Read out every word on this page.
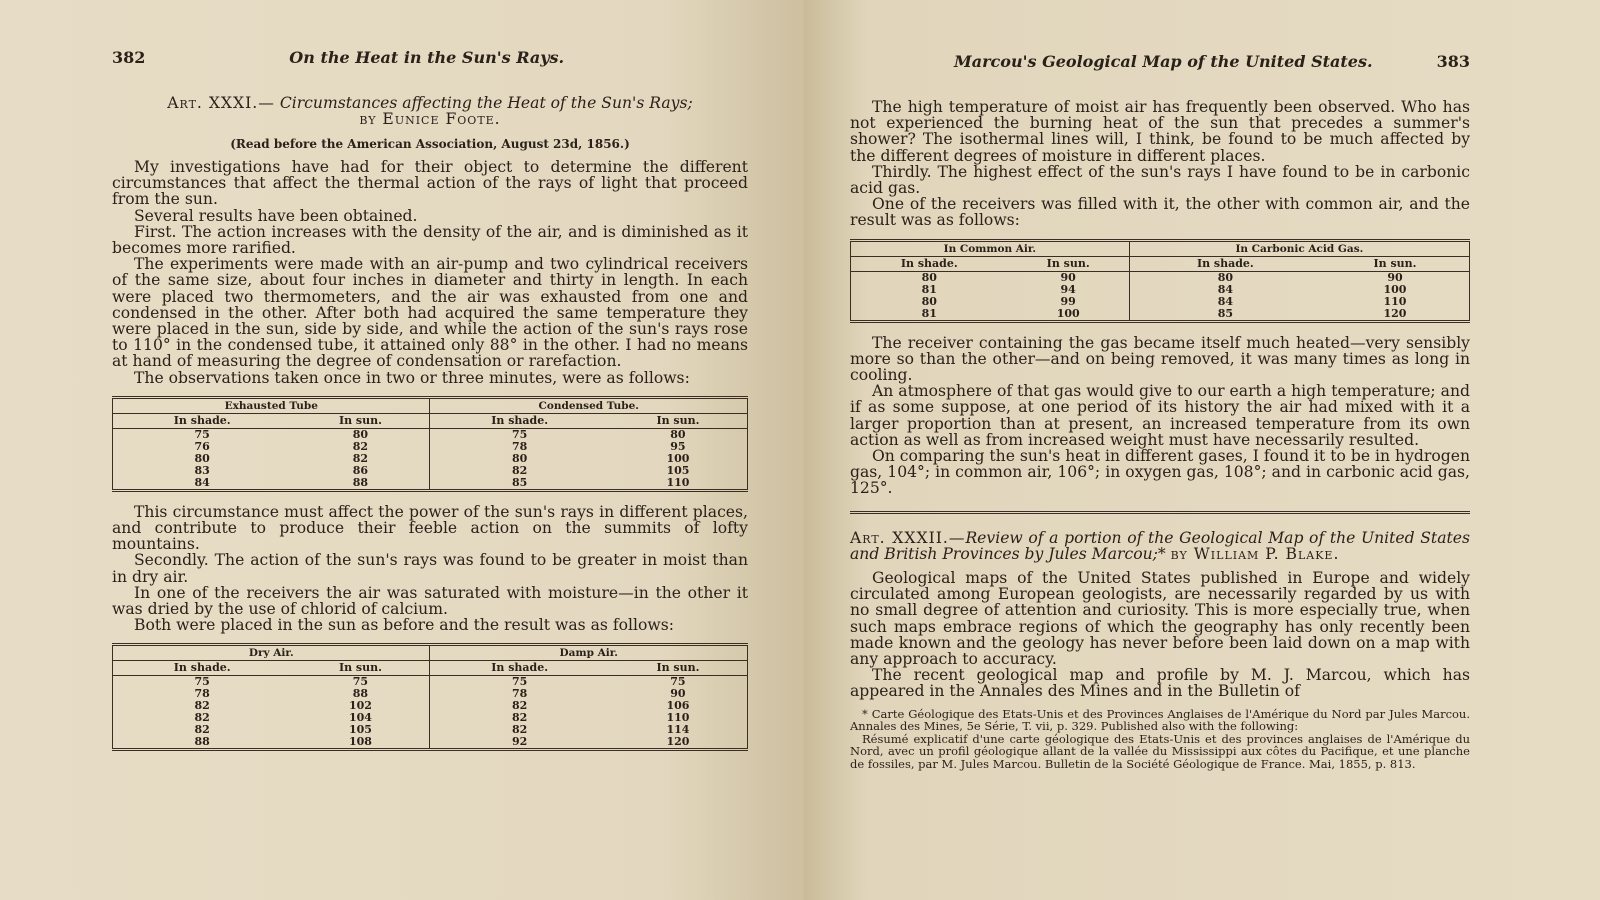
382	On the Heat in the Sun's Rays.
Art. XXXI.— Circumstances affecting the Heat of the Sun's Rays;
by Eunice Foote.
(Read before the American Association, August 23d, 1856.)

My investigations have had for their object to determine the different circumstances that affect the thermal action of the rays of light that proceed from the sun.

Several results have been obtained.

First. The action increases with the density of the air, and is diminished as it becomes more rarified.

The experiments were made with an air-pump and two cylindrical receivers of the same size, about four inches in diameter and thirty in length. In each were placed two thermometers, and the air was exhausted from one and condensed in the other. After both had acquired the same temperature they were placed in the sun, side by side, and while the action of the sun's rays rose to 110° in the condensed tube, it attained only 88° in the other. I had no means at hand of measuring the degree of condensation or rarefaction.

The observations taken once in two or three minutes, were as follows:

Exhausted Tube	Condensed Tube.
In shade.	In sun.	In shade.	In sun.
75	80	75	80
76	82	78	95
80	82	80	100
83	86	82	105
84	88	85	110

This circumstance must affect the power of the sun's rays in different places, and contribute to produce their feeble action on the summits of lofty mountains.

Secondly. The action of the sun's rays was found to be greater in moist than in dry air.

In one of the receivers the air was saturated with moisture—in the other it was dried by the use of chlorid of calcium.

Both were placed in the sun as before and the result was as follows:

Dry Air.	Damp Air.
In shade.	In sun.	In shade.	In sun.
75	75	75	75
78	88	78	90
82	102	82	106
82	104	82	110
82	105	82	114
88	108	92	120
Marcou's Geological Map of the United States.	383

The high temperature of moist air has frequently been observed. Who has not experienced the burning heat of the sun that precedes a summer's shower? The isothermal lines will, I think, be found to be much affected by the different degrees of moisture in different places.

Thirdly. The highest effect of the sun's rays I have found to be in carbonic acid gas.

One of the receivers was filled with it, the other with common air, and the result was as follows:

In Common Air.	In Carbonic Acid Gas.
In shade.	In sun.	In shade.	In sun.
80	90	80	90
81	94	84	100
80	99	84	110
81	100	85	120

The receiver containing the gas became itself much heated—very sensibly more so than the other—and on being removed, it was many times as long in cooling.

An atmosphere of that gas would give to our earth a high temperature; and if as some suppose, at one period of its history the air had mixed with it a larger proportion than at present, an increased temperature from its own action as well as from increased weight must have necessarily resulted.

On comparing the sun's heat in different gases, I found it to be in hydrogen gas, 104°; in common air, 106°; in oxygen gas, 108°; and in carbonic acid gas, 125°.

Art. XXXII.—Review of a portion of the Geological Map of the United States and British Provinces by Jules Marcou;* by William P. Blake.

Geological maps of the United States published in Europe and widely circulated among European geologists, are necessarily regarded by us with no small degree of attention and curiosity. This is more especially true, when such maps embrace regions of which the geography has only recently been made known and the geology has never before been laid down on a map with any approach to accuracy.

The recent geological map and profile by M. J. Marcou, which has appeared in the Annales des Mines and in the Bulletin of

* Carte Géologique des Etats-Unis et des Provinces Anglaises de l'Amérique du Nord par Jules Marcou. Annales des Mines, 5e Série, T. vii, p. 329. Published also with the following:

Résumé explicatif d'une carte géologique des Etats-Unis et des provinces anglaises de l'Amérique du Nord, avec un profil géologique allant de la vallée du Mississippi aux côtes du Pacifique, et une planche de fossiles, par M. Jules Marcou. Bulletin de la Société Géologique de France. Mai, 1855, p. 813.
